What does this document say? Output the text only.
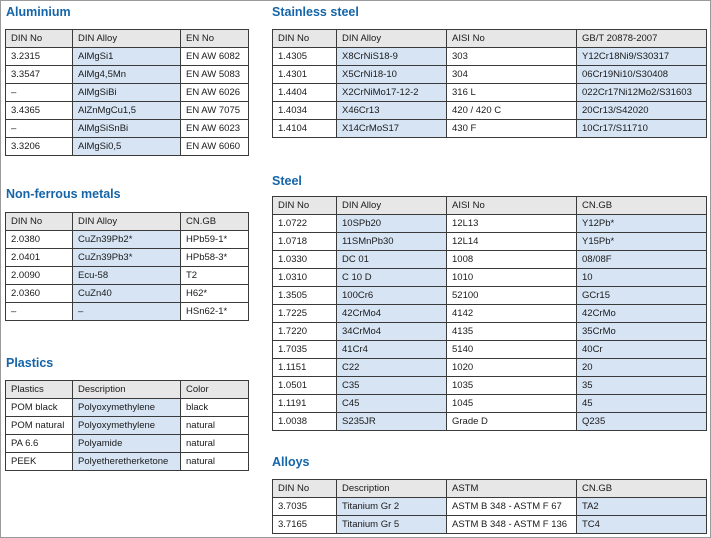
Aluminium
DIN No	DIN Alloy	EN No
3.2315	AlMgSi1	EN AW 6082
3.3547	AlMg4,5Mn	EN AW 5083
–	AlMgSiBi	EN AW 6026
3.4365	AlZnMgCu1,5	EN AW 7075
–	AlMgSiSnBi	EN AW 6023
3.3206	AlMgSi0,5	EN AW 6060
Non-ferrous metals
DIN No	DIN Alloy	CN.GB
2.0380	CuZn39Pb2*	HPb59-1*
2.0401	CuZn39Pb3*	HPb58-3*
2.0090	Ecu-58	T2
2.0360	CuZn40	H62*
–	–	HSn62-1*
Plastics
Plastics	Description	Color
POM black	Polyoxymethylene	black
POM natural	Polyoxymethylene	natural
PA 6.6	Polyamide	natural
PEEK	Polyetheretherketone	natural
Stainless steel
DIN No	DIN Alloy	AISI No	GB/T 20878-2007
1.4305	X8CrNiS18-9	303	Y12Cr18Ni9/S30317
1.4301	X5CrNi18-10	304	06Cr19Ni10/S30408
1.4404	X2CrNiMo17-12-2	316 L	022Cr17Ni12Mo2/S31603
1.4034	X46Cr13	420 / 420 C	20Cr13/S42020
1.4104	X14CrMoS17	430 F	10Cr17/S11710
Steel
DIN No	DIN Alloy	AISI No	CN.GB
1.0722	10SPb20	12L13	Y12Pb*
1.0718	11SMnPb30	12L14	Y15Pb*
1.0330	DC 01	1008	08/08F
1.0310	C 10 D	1010	10
1.3505	100Cr6	52100	GCr15
1.7225	42CrMo4	4142	42CrMo
1.7220	34CrMo4	4135	35CrMo
1.7035	41Cr4	5140	40Cr
1.1151	C22	1020	20
1.0501	C35	1035	35
1.1191	C45	1045	45
1.0038	S235JR	Grade D	Q235
Alloys
DIN No	Description	ASTM	CN.GB
3.7035	Titanium Gr 2	ASTM B 348 - ASTM F 67	TA2
3.7165	Titanium Gr 5	ASTM B 348 - ASTM F 136	TC4
